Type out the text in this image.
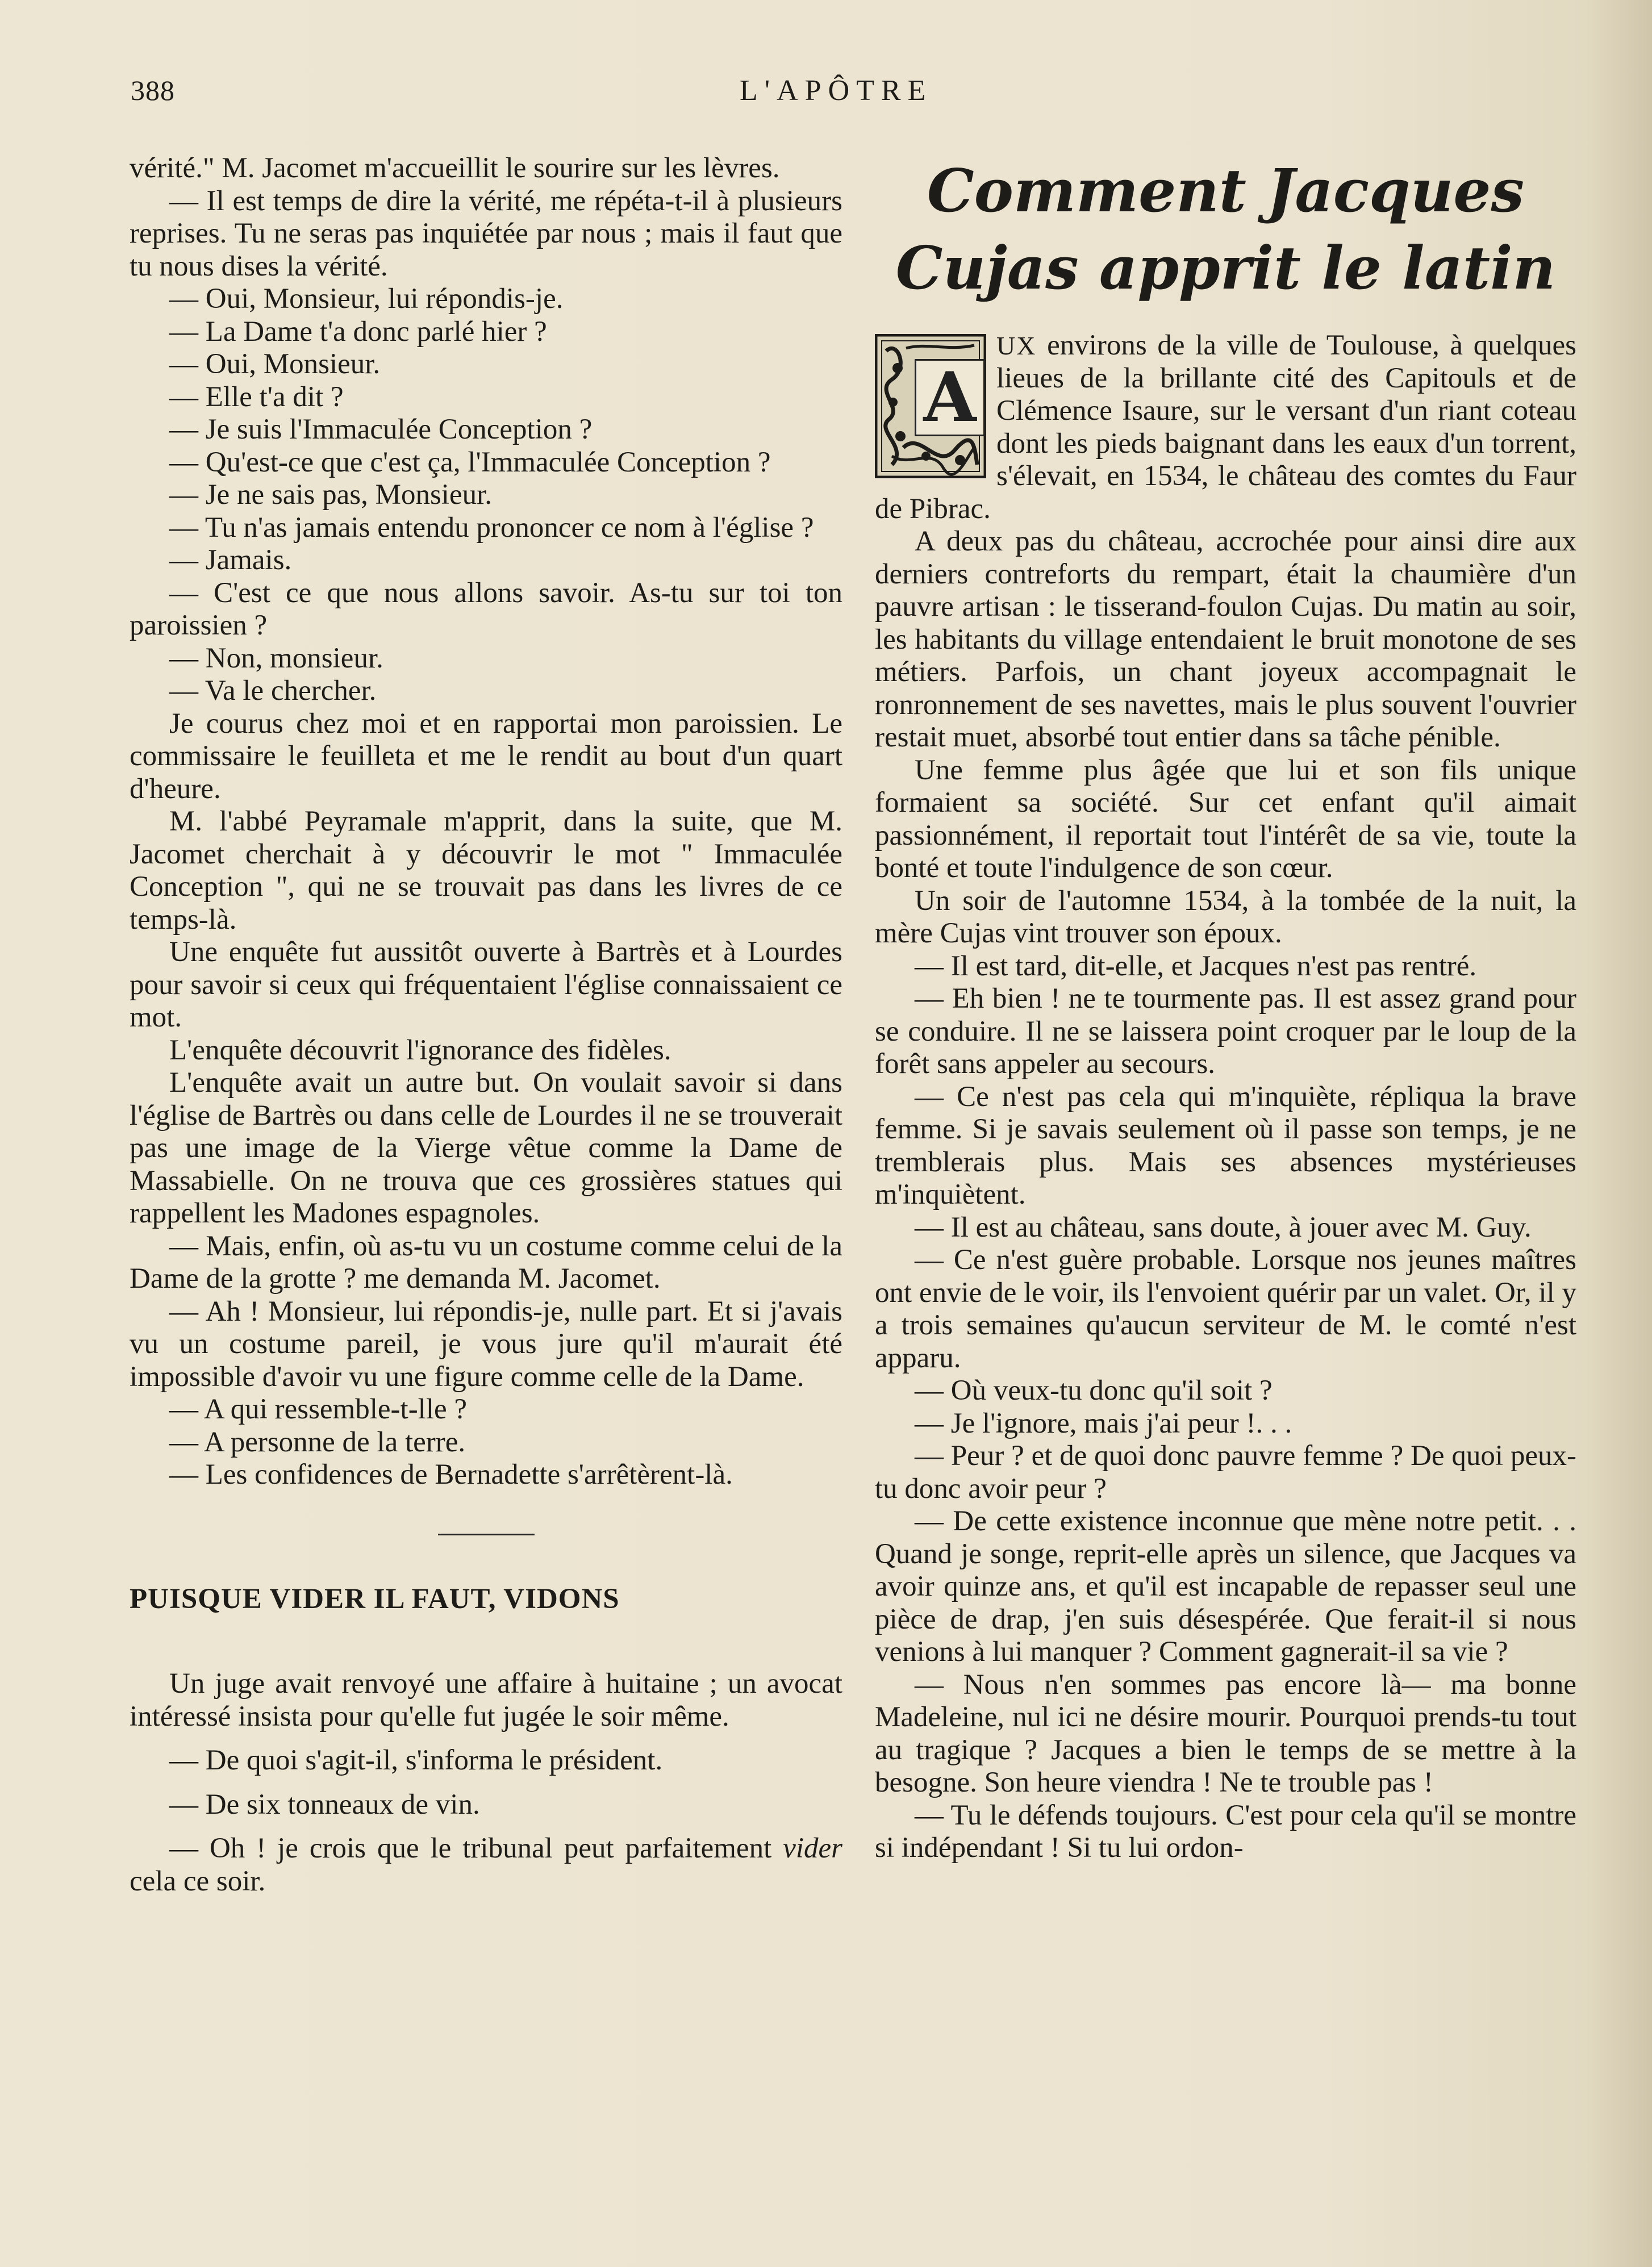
388	L'APÔTRE

vérité." M. Jacomet m'accueillit le sourire sur les lèvres.

— Il est temps de dire la vérité, me répéta-t-il à plusieurs reprises. Tu ne seras pas inquiétée par nous ; mais il faut que tu nous dises la vérité.

— Oui, Monsieur, lui répondis-je.

— La Dame t'a donc parlé hier ?

— Oui, Monsieur.

— Elle t'a dit ?

— Je suis l'Immaculée Conception ?

— Qu'est-ce que c'est ça, l'Immaculée Conception ?

— Je ne sais pas, Monsieur.

— Tu n'as jamais entendu prononcer ce nom à l'église ?

— Jamais.

— C'est ce que nous allons savoir. As-tu sur toi ton paroissien ?

— Non, monsieur.

— Va le chercher.

Je courus chez moi et en rapportai mon paroissien. Le commissaire le feuilleta et me le rendit au bout d'un quart d'heure.

M. l'abbé Peyramale m'apprit, dans la suite, que M. Jacomet cherchait à y découvrir le mot " Immaculée Conception ", qui ne se trouvait pas dans les livres de ce temps-là.

Une enquête fut aussitôt ouverte à Bartrès et à Lourdes pour savoir si ceux qui fréquentaient l'église connaissaient ce mot.

L'enquête découvrit l'ignorance des fidèles.

L'enquête avait un autre but. On voulait savoir si dans l'église de Bartrès ou dans celle de Lourdes il ne se trouverait pas une image de la Vierge vêtue comme la Dame de Massabielle. On ne trouva que ces grossières statues qui rappellent les Madones espagnoles.

— Mais, enfin, où as-tu vu un costume comme celui de la Dame de la grotte ? me demanda M. Jacomet.

— Ah ! Monsieur, lui répondis-je, nulle part. Et si j'avais vu un costume pareil, je vous jure qu'il m'aurait été impossible d'avoir vu une figure comme celle de la Dame.

— A qui ressemble-t-lle ?

— A personne de la terre.

— Les confidences de Bernadette s'arrêtèrent-là.

PUISQUE VIDER IL FAUT, VIDONS

Un juge avait renvoyé une affaire à huitaine ; un avocat intéressé insista pour qu'elle fut jugée le soir même.

— De quoi s'agit-il, s'informa le président.

— De six tonneaux de vin.

— Oh ! je crois que le tribunal peut parfaitement vider cela ce soir.

Comment Jacques
Cujas apprit le latin

A
UX environs de la ville de Toulouse, à quelques lieues de la brillante cité des Capitouls et de Clémence Isaure, sur le versant d'un riant coteau dont les pieds baignant dans les eaux d'un torrent, s'élevait, en 1534, le château des comtes du Faur de Pibrac.

A deux pas du château, accrochée pour ainsi dire aux derniers contreforts du rempart, était la chaumière d'un pauvre artisan : le tisserand-foulon Cujas. Du matin au soir, les habitants du village entendaient le bruit monotone de ses métiers. Parfois, un chant joyeux accompagnait le ronronnement de ses navettes, mais le plus souvent l'ouvrier restait muet, absorbé tout entier dans sa tâche pénible.

Une femme plus âgée que lui et son fils unique formaient sa société. Sur cet enfant qu'il aimait passionnément, il reportait tout l'intérêt de sa vie, toute la bonté et toute l'indulgence de son cœur.

Un soir de l'automne 1534, à la tombée de la nuit, la mère Cujas vint trouver son époux.

— Il est tard, dit-elle, et Jacques n'est pas rentré.

— Eh bien ! ne te tourmente pas. Il est assez grand pour se conduire. Il ne se laissera point croquer par le loup de la forêt sans appeler au secours.

— Ce n'est pas cela qui m'inquiète, répliqua la brave femme. Si je savais seulement où il passe son temps, je ne tremblerais plus. Mais ses absences mystérieuses m'inquiètent.

— Il est au château, sans doute, à jouer avec M. Guy.

— Ce n'est guère probable. Lorsque nos jeunes maîtres ont envie de le voir, ils l'envoient quérir par un valet. Or, il y a trois semaines qu'aucun serviteur de M. le comté n'est apparu.

— Où veux-tu donc qu'il soit ?

— Je l'ignore, mais j'ai peur !. . .

— Peur ? et de quoi donc pauvre femme ? De quoi peux-tu donc avoir peur ?

— De cette existence inconnue que mène notre petit. . . Quand je songe, reprit-elle après un silence, que Jacques va avoir quinze ans, et qu'il est incapable de repasser seul une pièce de drap, j'en suis désespérée. Que ferait-il si nous venions à lui manquer ? Comment gagnerait-il sa vie ?

— Nous n'en sommes pas encore là— ma bonne Madeleine, nul ici ne désire mourir. Pourquoi prends-tu tout au tragique ? Jacques a bien le temps de se mettre à la besogne. Son heure viendra ! Ne te trouble pas !

— Tu le défends toujours. C'est pour cela qu'il se montre si indépendant ! Si tu lui ordon-
